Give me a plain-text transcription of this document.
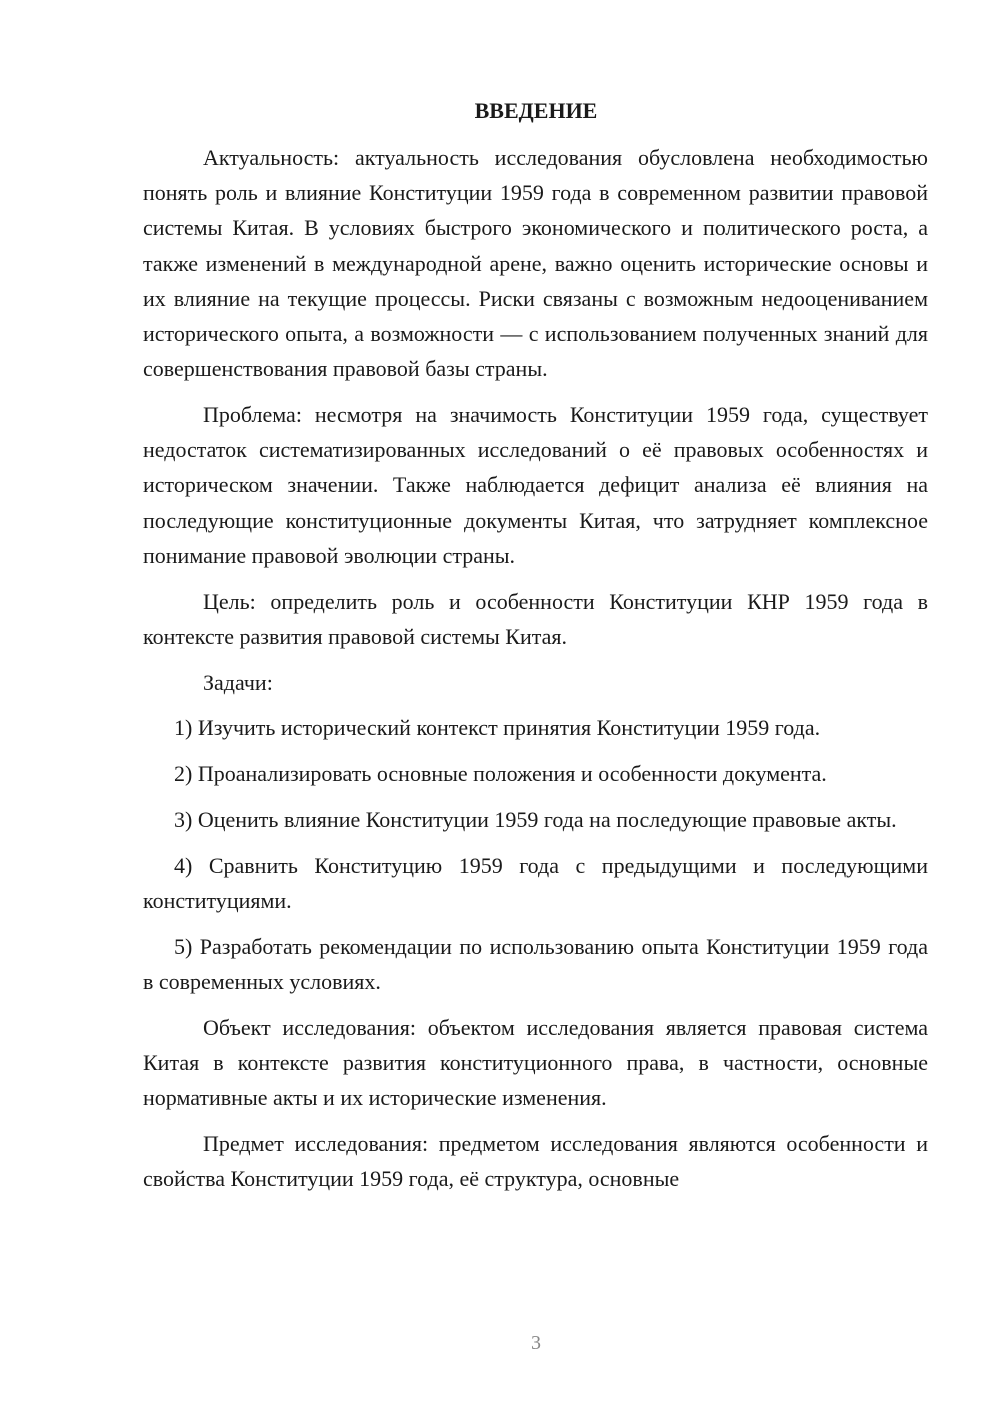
ВВЕДЕНИЕ

Актуальность: актуальность исследования обусловлена необходимостью понять роль и влияние Конституции 1959 года в современном развитии правовой системы Китая. В условиях быстрого экономического и политического роста, а также изменений в международной арене, важно оценить исторические основы и их влияние на текущие процессы. Риски связаны с возможным недооцениванием исторического опыта, а возможности — с использованием полученных знаний для совершенствования правовой базы страны.

Проблема: несмотря на значимость Конституции 1959 года, существует недостаток систематизированных исследований о её правовых особенностях и историческом значении. Также наблюдается дефицит анализа её влияния на последующие конституционные документы Китая, что затрудняет комплексное понимание правовой эволюции страны.

Цель: определить роль и особенности Конституции КНР 1959 года в контексте развития правовой системы Китая.

Задачи:

1) Изучить исторический контекст принятия Конституции 1959 года.

2) Проанализировать основные положения и особенности документа.

3) Оценить влияние Конституции 1959 года на последующие правовые акты.

4) Сравнить Конституцию 1959 года с предыдущими и последующими конституциями.

5) Разработать рекомендации по использованию опыта Конституции 1959 года в современных условиях.

Объект исследования: объектом исследования является правовая система Китая в контексте развития конституционного права, в частности, основные нормативные акты и их исторические изменения.

Предмет исследования: предметом исследования являются особенности и свойства Конституции 1959 года, её структура, основные

3
